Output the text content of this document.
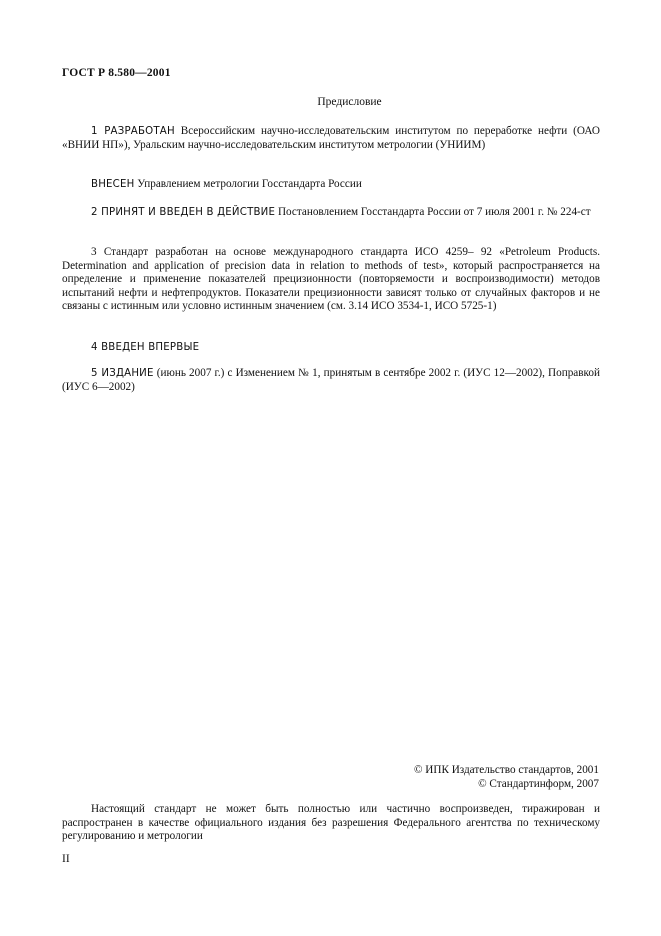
ГОСТ Р 8.580—2001
Предисловие
1 РАЗРАБОТАН Всероссийским научно-исследовательским институтом по переработке нефти (ОАО «ВНИИ НП»), Уральским научно-исследовательским институтом метрологии (УНИИМ)
ВНЕСЕН Управлением метрологии Госстандарта России
2 ПРИНЯТ И ВВЕДЕН В ДЕЙСТВИЕ Постановлением Госстандарта России от 7 июля 2001 г. № 224-ст
3 Стандарт разработан на основе международного стандарта ИСО 4259– 92 «Petroleum Products. Determination and application of precision data in relation to methods of test», который распространяется на определение и применение показателей прецизионности (повторяемости и воспроизводимости) методов испытаний нефти и нефтепродуктов. Показатели прецизионности зависят только от случайных факторов и не связаны с истинным или условно истинным значением (см. 3.14 ИСО 3534-1, ИСО 5725-1)
4 ВВЕДЕН ВПЕРВЫЕ
5 ИЗДАНИЕ (июнь 2007 г.) с Изменением № 1, принятым в сентябре 2002 г. (ИУС 12—2002), Поправкой (ИУС 6—2002)
© ИПК Издательство стандартов, 2001
© Стандартинформ, 2007
Настоящий стандарт не может быть полностью или частично воспроизведен, тиражирован и распространен в качестве официального издания без разрешения Федерального агентства по техническому регулированию и метрологии
II
